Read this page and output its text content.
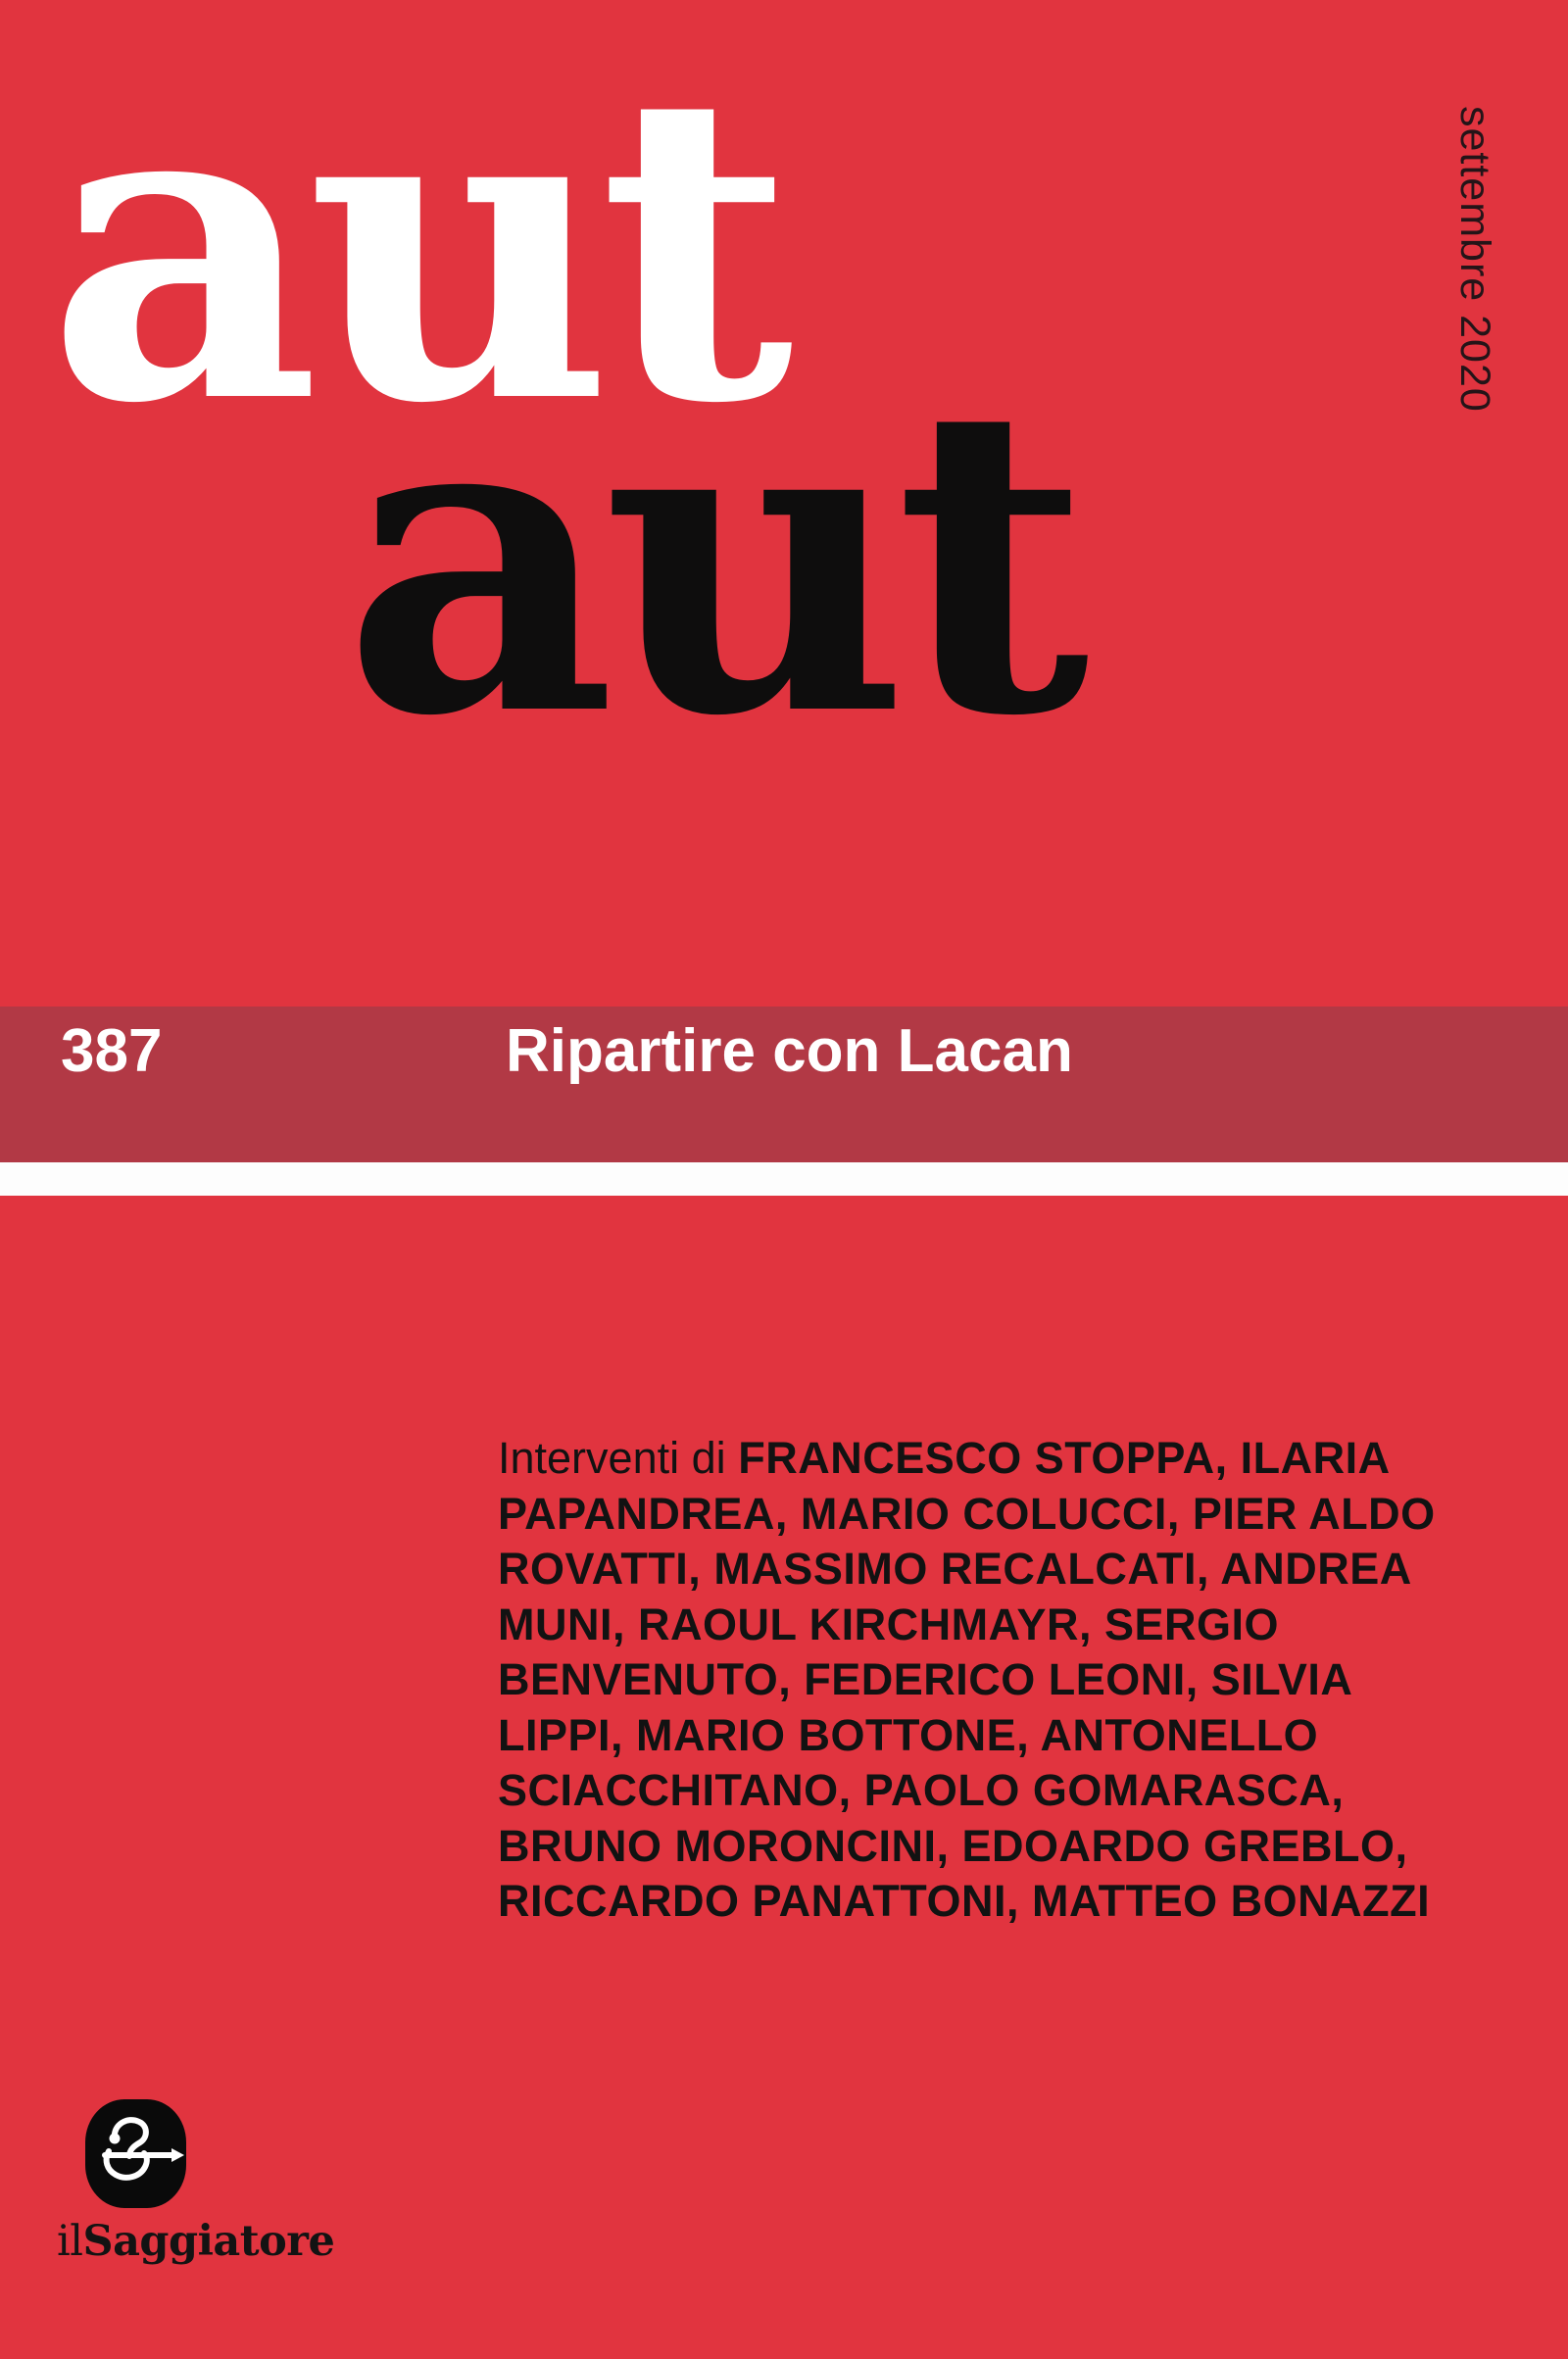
aut
aut
settembre 2020
387	Ripartire con Lacan
Interventi di FRANCESCO STOPPA, ILARIA
PAPANDREA, MARIO COLUCCI, PIER ALDO
ROVATTI, MASSIMO RECALCATI, ANDREA
MUNI, RAOUL KIRCHMAYR, SERGIO
BENVENUTO, FEDERICO LEONI, SILVIA
LIPPI, MARIO BOTTONE, ANTONELLO
SCIACCHITANO, PAOLO GOMARASCA,
BRUNO MORONCINI, EDOARDO GREBLO,
RICCARDO PANATTONI, MATTEO BONAZZI
ilSaggiatore
